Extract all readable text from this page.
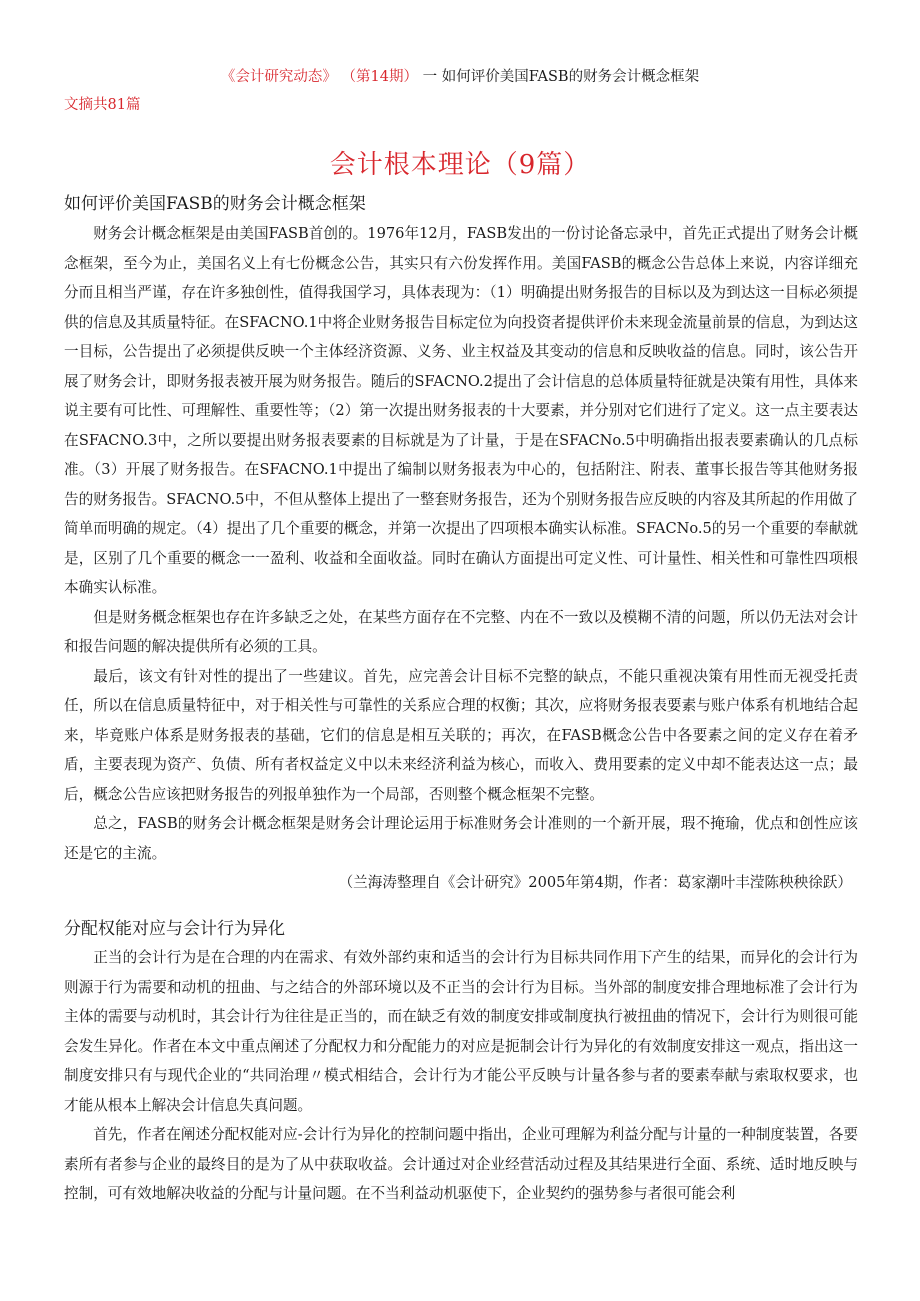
《会计研究动态》 （第14期） 一 如何评价美国FASB的财务会计概念框架
文摘共81篇
会计根本理论（9篇）
如何评价美国FASB的财务会计概念框架

财务会计概念框架是由美国FASB首创的。1976年12月，FASB发出的一份讨论备忘录中，首先正式提出了财务会计概念框架，至今为止，美国名义上有七份概念公告，其实只有六份发挥作用。美国FASB的概念公告总体上来说，内容详细充分而且相当严谨，存在许多独创性，值得我国学习，具体表现为：（1）明确提出财务报告的目标以及为到达这一目标必须提供的信息及其质量特征。在SFACNO.1中将企业财务报告目标定位为向投资者提供评价未来现金流量前景的信息，为到达这一目标，公告提出了必须提供反映一个主体经济资源、义务、业主权益及其变动的信息和反映收益的信息。同时，该公告开展了财务会计，即财务报表被开展为财务报告。随后的SFACNO.2提出了会计信息的总体质量特征就是决策有用性，具体来说主要有可比性、可理解性、重要性等；（2）第一次提出财务报表的十大要素，并分别对它们进行了定义。这一点主要表达在SFACNO.3中，之所以要提出财务报表要素的目标就是为了计量，于是在SFACNo.5中明确指出报表要素确认的几点标准。（3）开展了财务报告。在SFACNO.1中提出了编制以财务报表为中心的，包括附注、附表、董事长报告等其他财务报告的财务报告。SFACNO.5中，不但从整体上提出了一整套财务报告，还为个别财务报告应反映的内容及其所起的作用做了简单而明确的规定。（4）提出了几个重要的概念，并第一次提出了四项根本确实认标准。SFACNo.5的另一个重要的奉献就是，区别了几个重要的概念一一盈利、收益和全面收益。同时在确认方面提出可定义性、可计量性、相关性和可靠性四项根本确实认标准。

但是财务概念框架也存在许多缺乏之处，在某些方面存在不完整、内在不一致以及模糊不清的问题，所以仍无法对会计和报告问题的解决提供所有必须的工具。

最后，该文有针对性的提出了一些建议。首先，应完善会计目标不完整的缺点，不能只重视决策有用性而无视受托责任，所以在信息质量特征中，对于相关性与可靠性的关系应合理的权衡；其次，应将财务报表要素与账户体系有机地结合起来，毕竟账户体系是财务报表的基础，它们的信息是相互关联的；再次，在FASB概念公告中各要素之间的定义存在着矛盾，主要表现为资产、负债、所有者权益定义中以未来经济利益为核心，而收入、费用要素的定义中却不能表达这一点；最后，概念公告应该把财务报告的列报单独作为一个局部，否则整个概念框架不完整。

总之，FASB的财务会计概念框架是财务会计理论运用于标准财务会计准则的一个新开展，瑕不掩瑜，优点和创性应该还是它的主流。

（兰海涛整理自《会计研究》2005年第4期，作者：葛家潮叶丰滢陈秧秧徐跃）

分配权能对应与会计行为异化

正当的会计行为是在合理的内在需求、有效外部约束和适当的会计行为目标共同作用下产生的结果，而异化的会计行为则源于行为需要和动机的扭曲、与之结合的外部环境以及不正当的会计行为目标。当外部的制度安排合理地标准了会计行为主体的需要与动机时，其会计行为往往是正当的，而在缺乏有效的制度安排或制度执行被扭曲的情况下，会计行为则很可能会发生异化。作者在本文中重点阐述了分配权力和分配能力的对应是扼制会计行为异化的有效制度安排这一观点，指出这一制度安排只有与现代企业的“共同治理〃模式相结合，会计行为才能公平反映与计量各参与者的要素奉献与索取权要求，也才能从根本上解决会计信息失真问题。

首先，作者在阐述分配权能对应-会计行为异化的控制问题中指出，企业可理解为利益分配与计量的一种制度装置，各要素所有者参与企业的最终目的是为了从中获取收益。会计通过对企业经营活动过程及其结果进行全面、系统、适时地反映与控制，可有效地解决收益的分配与计量问题。在不当利益动机驱使下，企业契约的强势参与者很可能会利
